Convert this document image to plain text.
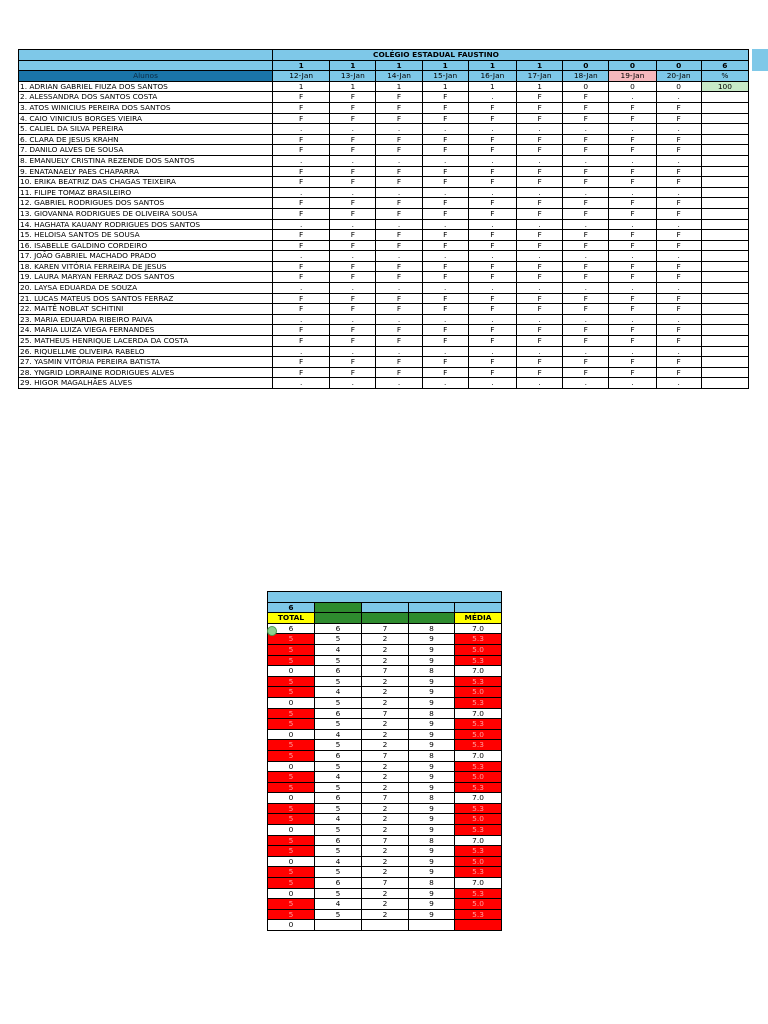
	COLÉGIO ESTADUAL FAUSTINO									
	1	1	1	1	1	1	0	0	0	6
Alunos	12-Jan	13-Jan	14-Jan	15-Jan	16-Jan	17-Jan	18-Jan	19-Jan	20-Jan	%
1. ADRIAN GABRIEL FIUZA DOS SANTOS	1	1	1	1	1	1	0	0	0	100
2. ALESSANDRA DOS SANTOS COSTA	F	F	F	F	.	F	F	.	.	
3. ATOS WINICIUS PEREIRA DOS SANTOS	F	F	F	F	F	F	F	F	F	
4. CAIO VINICIUS BORGES VIEIRA	F	F	F	F	F	F	F	F	F	
5. CALIEL DA SILVA PEREIRA	.	.	.	.	.	.	.	.	.	
6. CLARA DE JESUS KRAHN	F	F	F	F	F	F	F	F	F	
7. DANILO ALVES DE SOUSA	F	F	F	F	F	F	F	F	F	
8. EMANUELY CRISTINA REZENDE DOS SANTOS	.	.	.	.	.	.	.	.	.	
9. ENATANAELY PAES CHAPARRA	F	F	F	F	F	F	F	F	F	
10. ERIKA BEATRIZ DAS CHAGAS TEIXEIRA	F	F	F	F	F	F	F	F	F	
11. FILIPE TOMAZ BRASILEIRO	.	.	.	.	.	.	.	.	.	
12. GABRIEL RODRIGUES DOS SANTOS	F	F	F	F	F	F	F	F	F	
13. GIOVANNA RODRIGUES DE OLIVEIRA SOUSA	F	F	F	F	F	F	F	F	F	
14. HAGHATA KAUANY RODRIGUES DOS SANTOS	.	.	.	.	.	.	.	.	.	
15. HELOISA SANTOS DE SOUSA	F	F	F	F	F	F	F	F	F	
16. ISABELLE GALDINO CORDEIRO	F	F	F	F	F	F	F	F	F	
17. JOÃO GABRIEL MACHADO PRADO	.	.	.	.	.	.	.	.	.	
18. KAREN VITÓRIA FERREIRA DE JESUS	F	F	F	F	F	F	F	F	F	
19. LAURA MARYAN FERRAZ DOS SANTOS	F	F	F	F	F	F	F	F	F	
20. LAYSA EDUARDA DE SOUZA	.	.	.	.	.	.	.	.	.	
21. LUCAS MATEUS DOS SANTOS FERRAZ	F	F	F	F	F	F	F	F	F	
22. MAITÊ NOBLAT SCHITINI	F	F	F	F	F	F	F	F	F	
23. MARIA EDUARDA RIBEIRO PAIVA	.	.	.	.	.	.	.	.	.	
24. MARIA LUIZA VIEGA FERNANDES	F	F	F	F	F	F	F	F	F	
25. MATHEUS HENRIQUE LACERDA DA COSTA	F	F	F	F	F	F	F	F	F	
26. RIQUELLME OLIVEIRA RABELO	.	.	.	.	.	.	.	.	.	
27. YASMIN VITÓRIA PEREIRA BATISTA	F	F	F	F	F	F	F	F	F	
28. YNGRID LORRAINE RODRIGUES ALVES	F	F	F	F	F	F	F	F	F	
29. HIGOR MAGALHÃES ALVES	.	.	.	.	.	.	.	.	.	

6				
TOTAL				MÉDIA
6	6	7	8	7.0
5	5	2	9	5.3
5	4	2	9	5.0
5	5	2	9	5.3
0	6	7	8	7.0
5	5	2	9	5.3
5	4	2	9	5.0
0	5	2	9	5.3
5	6	7	8	7.0
5	5	2	9	5.3
0	4	2	9	5.0
5	5	2	9	5.3
5	6	7	8	7.0
0	5	2	9	5.3
5	4	2	9	5.0
5	5	2	9	5.3
0	6	7	8	7.0
5	5	2	9	5.3
5	4	2	9	5.0
0	5	2	9	5.3
5	6	7	8	7.0
5	5	2	9	5.3
0	4	2	9	5.0
5	5	2	9	5.3
5	6	7	8	7.0
0	5	2	9	5.3
5	4	2	9	5.0
5	5	2	9	5.3
0				
